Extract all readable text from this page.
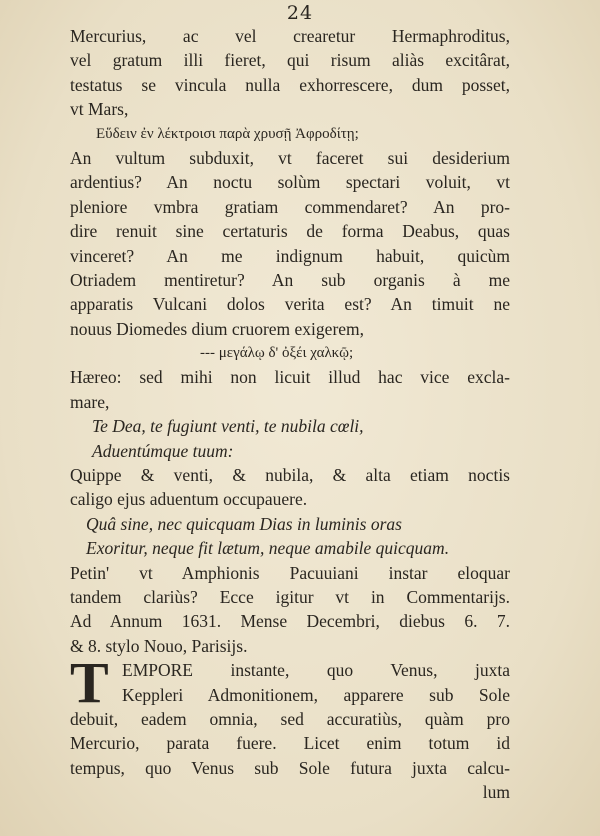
24
Mercurius, ac vel crearetur Hermaphroditus,
vel gratum illi fieret, qui risum aliàs excitârat,
testatus se vincula nulla exhorrescere, dum posset,
vt Mars,
Εὕδειν ἐν λέκτροισι παρὰ χρυσῇ Ἀφροδίτῃ;
An vultum subduxit, vt faceret sui desiderium
ardentius? An noctu solùm spectari voluit, vt
pleniore vmbra gratiam commendaret? An pro-
dire renuit sine certaturis de forma Deabus, quas
vinceret? An me indignum habuit, quicùm
Otriadem mentiretur? An sub organis à me
apparatis Vulcani dolos verita est? An timuit ne
nouus Diomedes dium cruorem exigerem,
--- μεγάλῳ δ' ὀξέι χαλκῷ;
Hæreo: sed mihi non licuit illud hac vice excla-
mare,
Te Dea, te fugiunt venti, te nubila cœli,
Aduentúmque tuum:
Quippe & venti, & nubila, & alta etiam noctis
caligo ejus aduentum occupauere.
Quâ sine, nec quicquam Dias in luminis oras
Exoritur, neque fit lætum, neque amabile quicquam.
Petin' vt Amphionis Pacuuiani instar eloquar
tandem clariùs? Ecce igitur vt in Commentarijs.
Ad Annum 1631. Mense Decembri, diebus 6. 7.
& 8. stylo Nouo, Parisijs.
T EMPORE instante, quo Venus, juxta
Keppleri Admonitionem, apparere sub Sole
debuit, eadem omnia, sed accuratiùs, quàm pro
Mercurio, parata fuere. Licet enim totum id
tempus, quo Venus sub Sole futura juxta calcu-
lum
